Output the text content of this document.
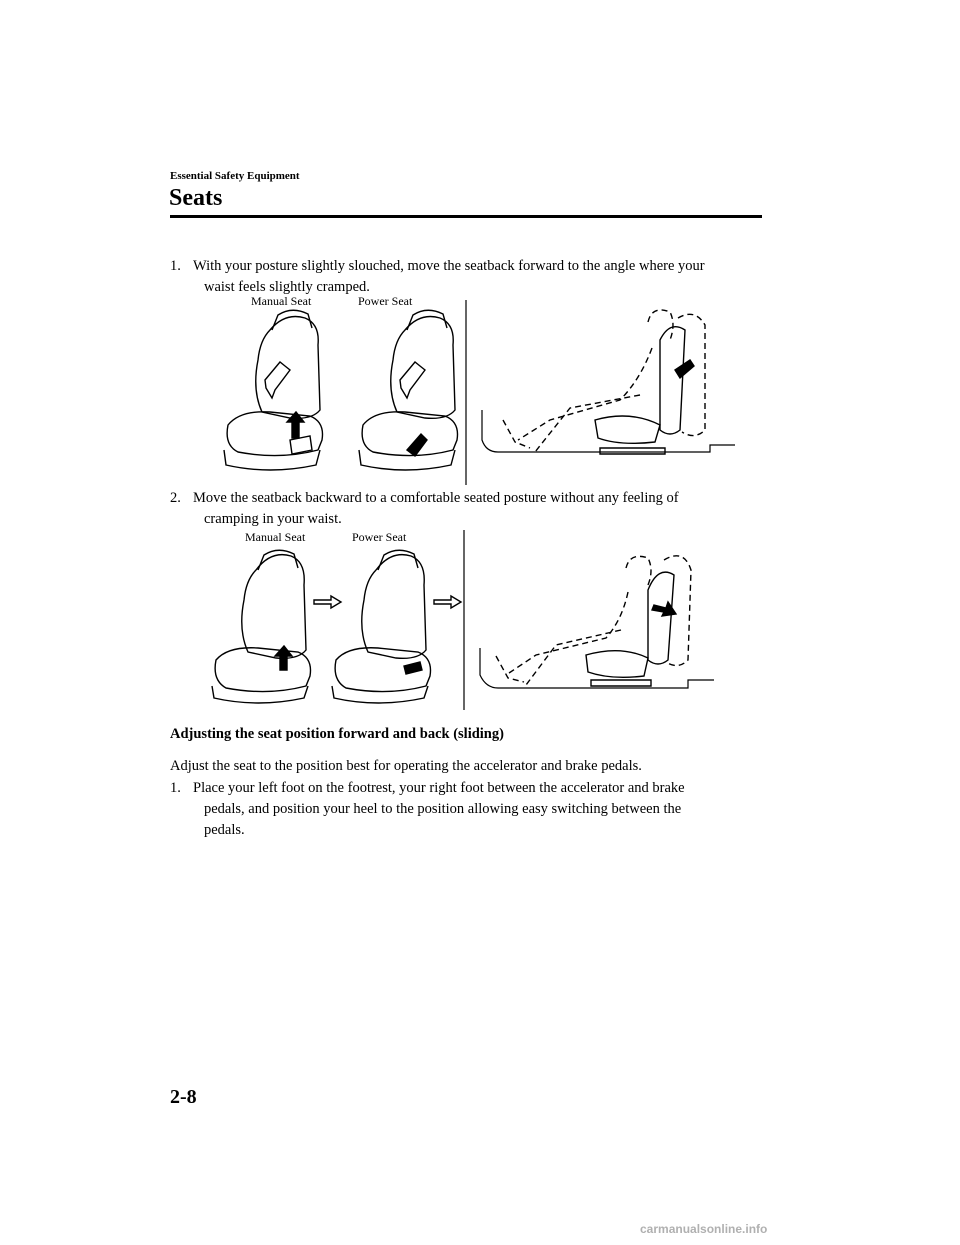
Essential Safety Equipment
Seats
1. With your posture slightly slouched, move the seatback forward to the angle where your
waist feels slightly cramped.
Manual Seat	Power Seat
2. Move the seatback backward to a comfortable seated posture without any feeling of
cramping in your waist.
Manual Seat	Power Seat
Adjusting the seat position forward and back (sliding)
Adjust the seat to the position best for operating the accelerator and brake pedals.
1. Place your left foot on the footrest, your right foot between the accelerator and brake
pedals, and position your heel to the position allowing easy switching between the
pedals.
2-8
carmanualsonline.info
